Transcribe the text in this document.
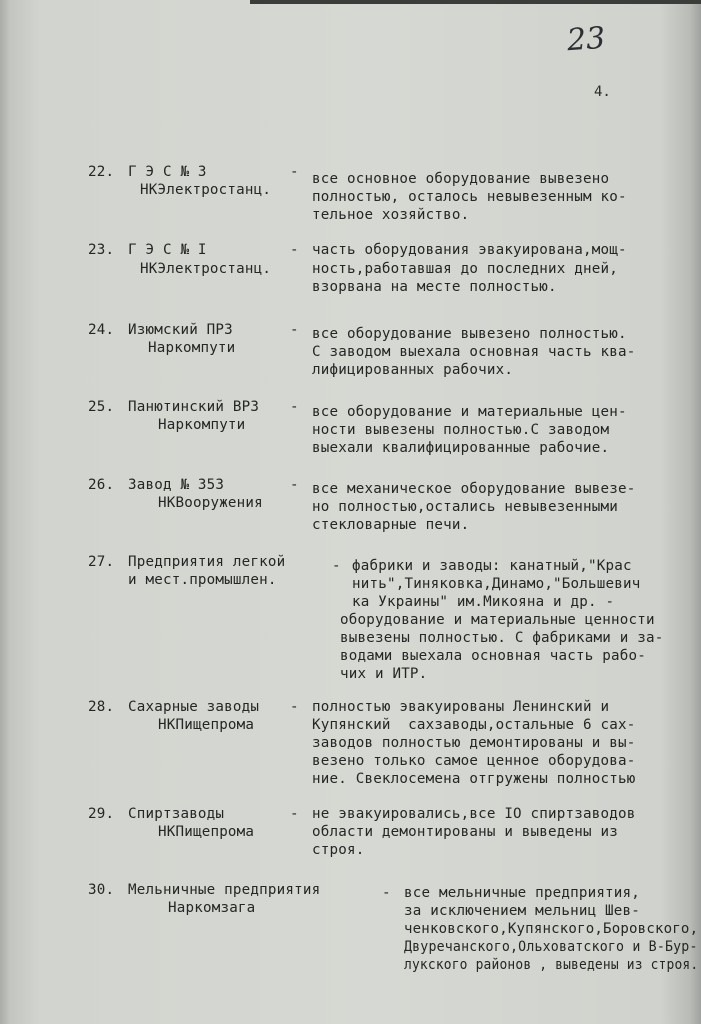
23
4.
22. Г Э С № 3
НКЭлектростанц.
- все основное оборудование вывезено
полностью, осталось невывезенным ко-
тельное хозяйство.
23. Г Э С № I
НКЭлектростанц.
- часть оборудования эвакуирована,мощ-
ность,работавшая до последних дней,
взорвана на месте полностью.
24. Изюмский ПРЗ
Наркомпути
- все оборудование вывезено полностью.
С заводом выехала основная часть ква-
лифицированных рабочих.
25. Панютинский ВРЗ
Наркомпути
- все оборудование и материальные цен-
ности вывезены полностью.С заводом
выехали квалифицированные рабочие.
26. Завод № 353
НКВооружения
- все механическое оборудование вывезе-
но полностью,остались невывезенными
стекловарные печи.
27. Предприятия легкой
и мест.промышлен.
- фабрики и заводы: канатный,"Крас
нить",Тиняковка,Динамо,"Большевич
ка Украины" им.Микояна и др. -
оборудование и материальные ценности
вывезены полностью. С фабриками и за-
водами выехала основная часть рабо-
чих и ИТР.
28. Сахарные заводы
НКПищепрома
- полностью эвакуированы Ленинский и
Купянский  сахзаводы,остальные 6 сах-
заводов полностью демонтированы и вы-
везено только самое ценное оборудова-
ние. Свеклосемена отгружены полностью
29. Спиртзаводы
НКПищепрома
- не эвакуировались,все IO спиртзаводов
области демонтированы и выведены из
строя.
30. Мельничные предприятия
Наркомзага
- все мельничные предприятия,
за исключением мельниц Шев-
ченковского,Купянского,Боровского,
Двуречанского,Ольховатского и В-Бур-
лукского районов , выведены из строя.
